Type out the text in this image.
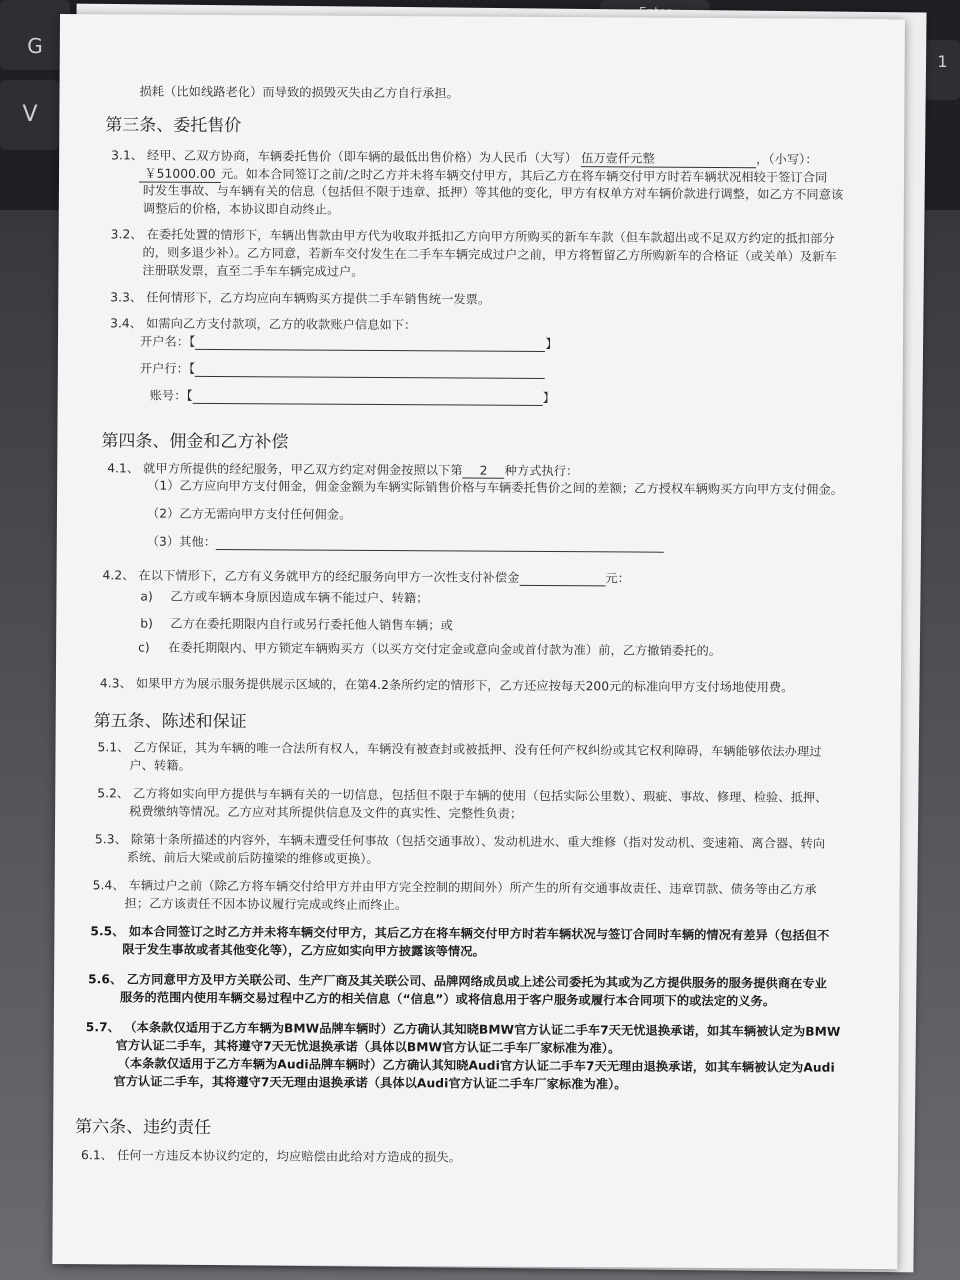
G
V
1
损耗（比如线路老化）而导致的损毁灭失由乙方自行承担。
第三条、委托售价
3.1、 经甲、乙双方协商，车辆委托售价（即车辆的最低出售价格）为人民币（大写） 伍万壹仟元整	，（小写）：
￥51000.00 元。如本合同签订之前/之时乙方并未将车辆交付甲方，其后乙方在将车辆交付甲方时若车辆状况相较于签订合同
时发生事故、与车辆有关的信息（包括但不限于违章、抵押）等其他的变化，甲方有权单方对车辆价款进行调整，如乙方不同意该
调整后的价格，本协议即自动终止。
3.2、 在委托处置的情形下，车辆出售款由甲方代为收取并抵扣乙方向甲方所购买的新车车款（但车款超出或不足双方约定的抵扣部分
的，则多退少补）。乙方同意，若新车交付发生在二手车车辆完成过户之前，甲方将暂留乙方所购新车的合格证（或关单）及新车
注册联发票，直至二手车车辆完成过户。
3.3、 任何情形下，乙方均应向车辆购买方提供二手车销售统一发票。
3.4、 如需向乙方支付款项，乙方的收款账户信息如下：
开户名：【	】
开户行：【
账号：【	】
第四条、佣金和乙方补偿
4.1、 就甲方所提供的经纪服务，甲乙双方约定对佣金按照以下第 2 种方式执行：
（1）乙方应向甲方支付佣金，佣金金额为车辆实际销售价格与车辆委托售价之间的差额；乙方授权车辆购买方向甲方支付佣金。
（2）乙方无需向甲方支付任何佣金。
（3）其他：
4.2、 在以下情形下，乙方有义务就甲方的经纪服务向甲方一次性支付补偿金	元：
a) 乙方或车辆本身原因造成车辆不能过户、转籍；
b) 乙方在委托期限内自行或另行委托他人销售车辆；或
c) 在委托期限内、甲方锁定车辆购买方（以买方交付定金或意向金或首付款为准）前，乙方撤销委托的。
4.3、 如果甲方为展示服务提供展示区域的，在第4.2条所约定的情形下，乙方还应按每天200元的标准向甲方支付场地使用费。
第五条、陈述和保证
5.1、 乙方保证，其为车辆的唯一合法所有权人，车辆没有被查封或被抵押、没有任何产权纠纷或其它权利障碍，车辆能够依法办理过
户、转籍。
5.2、 乙方将如实向甲方提供与车辆有关的一切信息，包括但不限于车辆的使用（包括实际公里数）、瑕疵、事故、修理、检验、抵押、
税费缴纳等情况。乙方应对其所提供信息及文件的真实性、完整性负责；
5.3、 除第十条所描述的内容外，车辆未遭受任何事故（包括交通事故）、发动机进水、重大维修（指对发动机、变速箱、离合器、转向
系统、前后大梁或前后防撞梁的维修或更换）。
5.4、 车辆过户之前（除乙方将车辆交付给甲方并由甲方完全控制的期间外）所产生的所有交通事故责任、违章罚款、债务等由乙方承
担；乙方该责任不因本协议履行完成或终止而终止。
5.5、 如本合同签订之时乙方并未将车辆交付甲方，其后乙方在将车辆交付甲方时若车辆状况与签订合同时车辆的情况有差异（包括但不
限于发生事故或者其他变化等），乙方应如实向甲方披露该等情况。
5.6、 乙方同意甲方及甲方关联公司、生产厂商及其关联公司、品牌网络成员或上述公司委托为其或为乙方提供服务的服务提供商在专业
服务的范围内使用车辆交易过程中乙方的相关信息（“信息”）或将信息用于客户服务或履行本合同项下的或法定的义务。
5.7、 （本条款仅适用于乙方车辆为BMW品牌车辆时）乙方确认其知晓BMW官方认证二手车7天无忧退换承诺，如其车辆被认定为BMW
官方认证二手车，其将遵守7天无忧退换承诺（具体以BMW官方认证二手车厂家标准为准）。
（本条款仅适用于乙方车辆为Audi品牌车辆时）乙方确认其知晓Audi官方认证二手车7天无理由退换承诺，如其车辆被认定为Audi
官方认证二手车，其将遵守7天无理由退换承诺（具体以Audi官方认证二手车厂家标准为准）。
第六条、违约责任
6.1、 任何一方违反本协议约定的，均应赔偿由此给对方造成的损失。
